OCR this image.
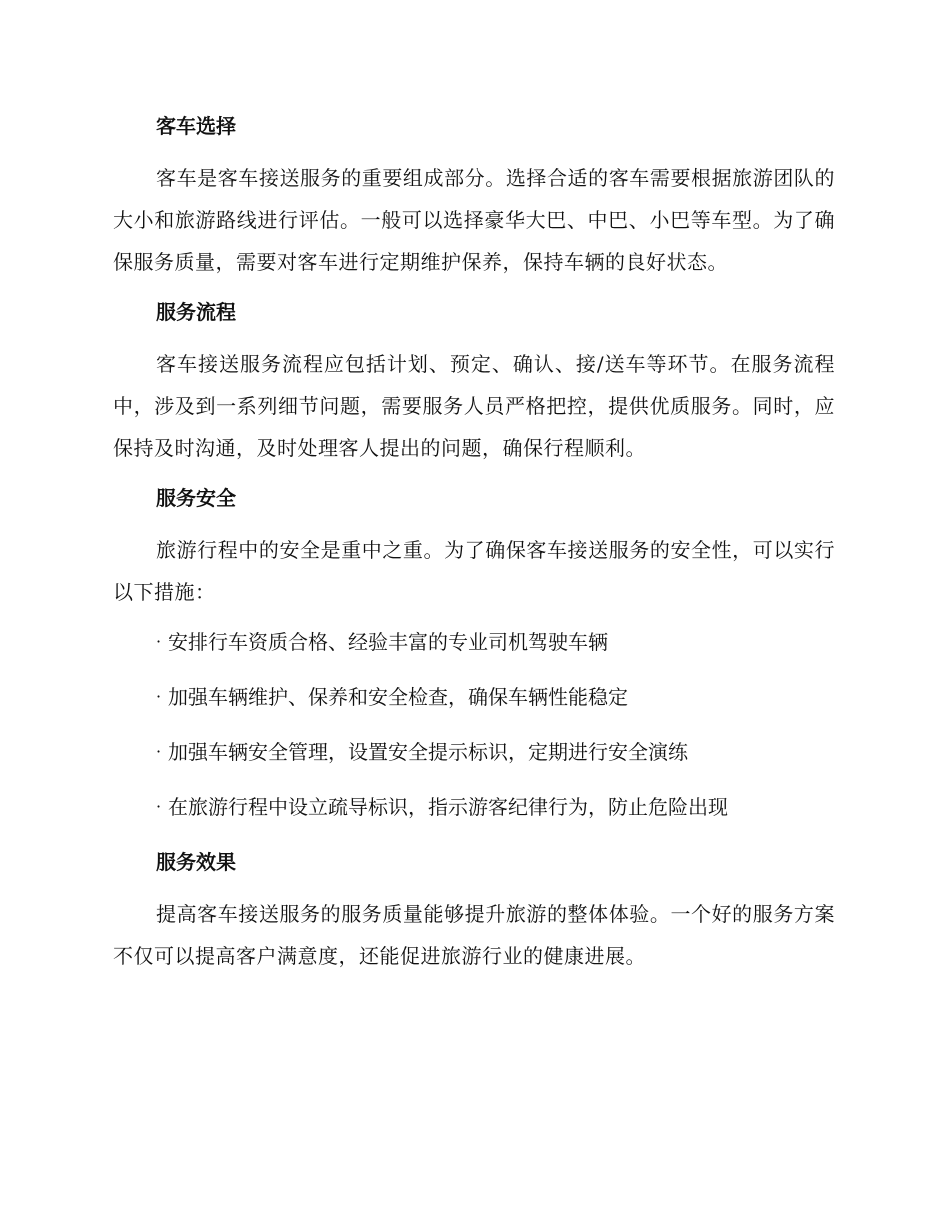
客车选择

客车是客车接送服务的重要组成部分。选择合适的客车需要根据旅游团队的大小和旅游路线进行评估。一般可以选择豪华大巴、中巴、小巴等车型。为了确保服务质量，需要对客车进行定期维护保养，保持车辆的良好状态。

服务流程

客车接送服务流程应包括计划、预定、确认、接/送车等环节。在服务流程中，涉及到一系列细节问题，需要服务人员严格把控，提供优质服务。同时，应保持及时沟通，及时处理客人提出的问题，确保行程顺利。

服务安全

旅游行程中的安全是重中之重。为了确保客车接送服务的安全性，可以实行以下措施：

· 安排行车资质合格、经验丰富的专业司机驾驶车辆
· 加强车辆维护、保养和安全检查，确保车辆性能稳定
· 加强车辆安全管理，设置安全提示标识，定期进行安全演练
· 在旅游行程中设立疏导标识，指示游客纪律行为，防止危险出现
服务效果

提高客车接送服务的服务质量能够提升旅游的整体体验。一个好的服务方案不仅可以提高客户满意度，还能促进旅游行业的健康进展。
